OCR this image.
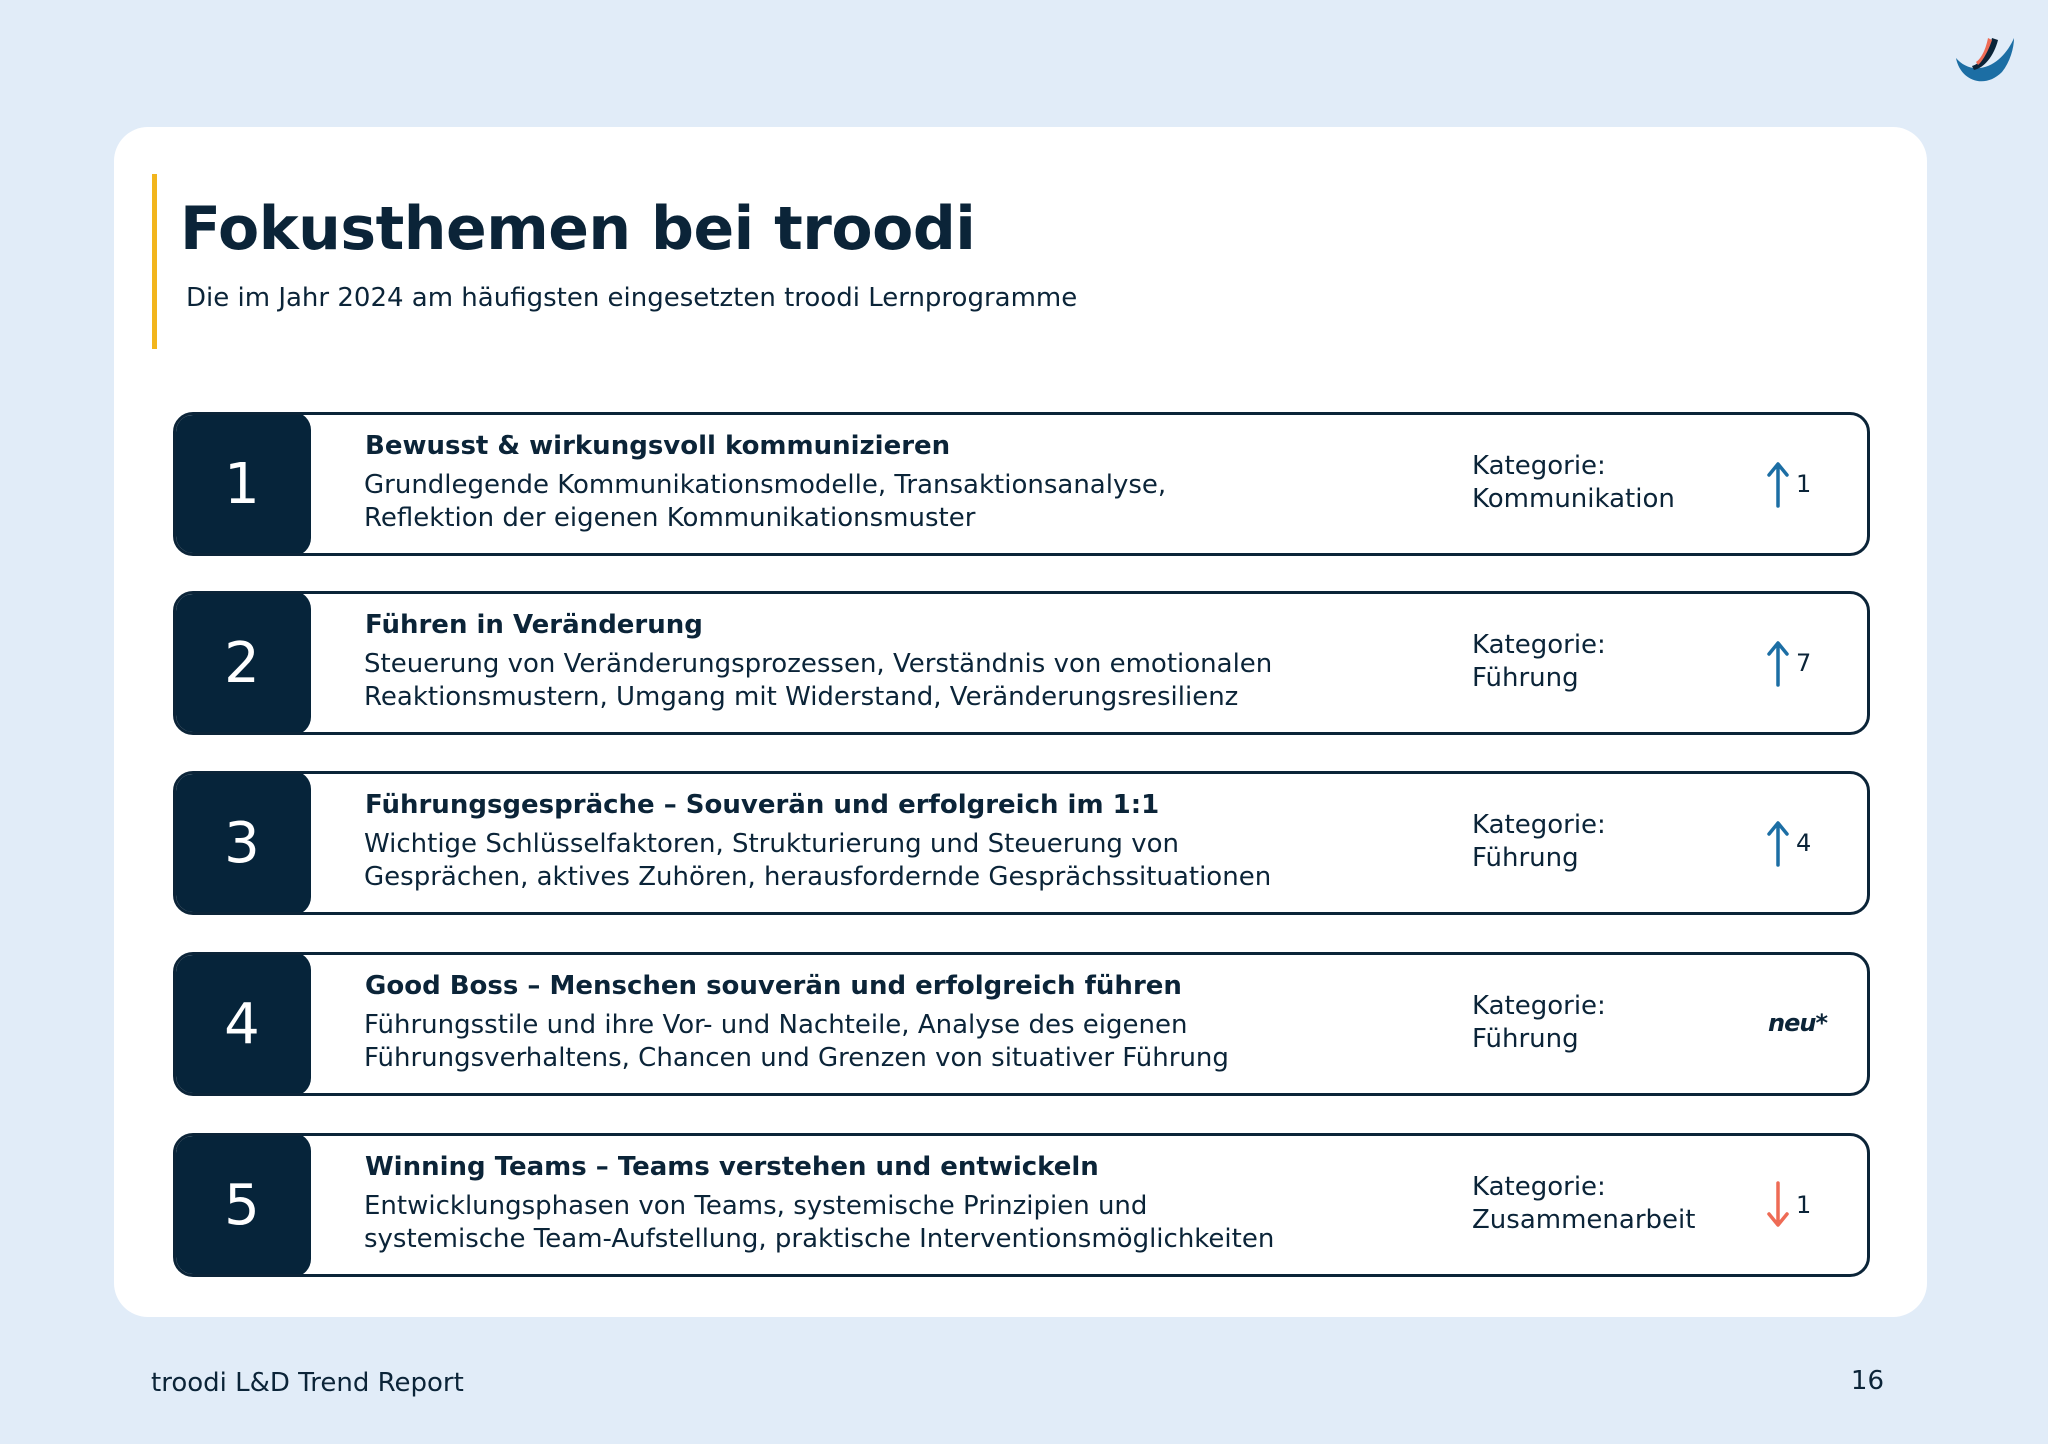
Fokusthemen bei troodi
Die im Jahr 2024 am häufigsten eingesetzten troodi Lernprogramme
1
Bewusst & wirkungsvoll kommunizieren
Grundlegende Kommunikationsmodelle, Transaktionsanalyse,
Reflektion der eigenen Kommunikationsmuster
Kategorie:
Kommunikation	1
2
Führen in Veränderung
Steuerung von Veränderungsprozessen, Verständnis von emotionalen
Reaktionsmustern, Umgang mit Widerstand, Veränderungsresilienz
Kategorie:
Führung	7
3
Führungsgespräche – Souverän und erfolgreich im 1:1
Wichtige Schlüsselfaktoren, Strukturierung und Steuerung von
Gesprächen, aktives Zuhören, herausfordernde Gesprächssituationen
Kategorie:
Führung	4
4
Good Boss – Menschen souverän und erfolgreich führen
Führungsstile und ihre Vor- und Nachteile, Analyse des eigenen
Führungsverhaltens, Chancen und Grenzen von situativer Führung
Kategorie:
Führung
neu*
5
Winning Teams – Teams verstehen und entwickeln
Entwicklungsphasen von Teams, systemische Prinzipien und
systemische Team-Aufstellung, praktische Interventionsmöglichkeiten
Kategorie:
Zusammenarbeit	1
troodi L&D Trend Report	16
